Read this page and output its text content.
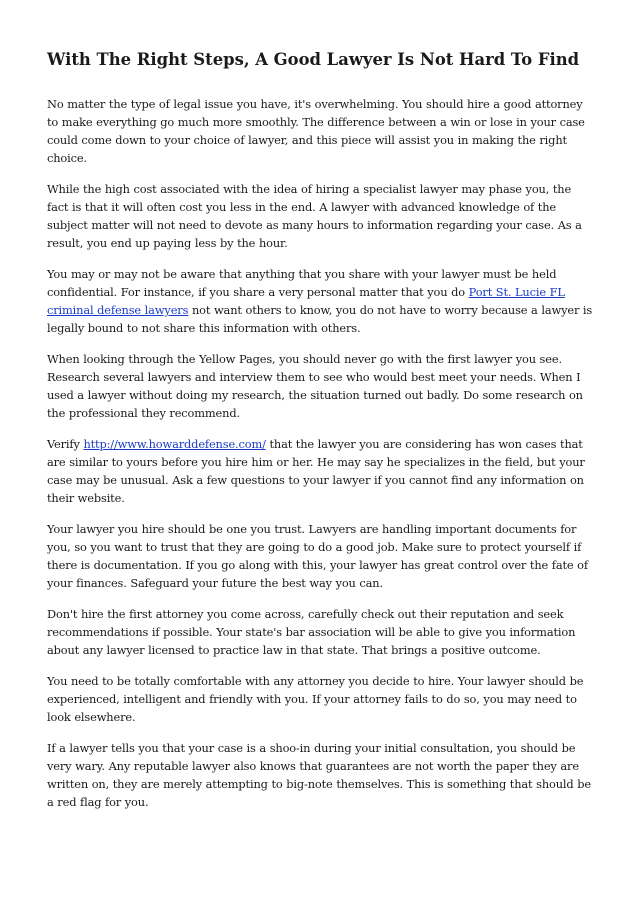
With The Right Steps, A Good Lawyer Is Not Hard To Find

No matter the type of legal issue you have, it's overwhelming. You should hire a good attorney to make everything go much more smoothly. The difference between a win or lose in your case could come down to your choice of lawyer, and this piece will assist you in making the right choice.

While the high cost associated with the idea of hiring a specialist lawyer may phase you, the fact is that it will often cost you less in the end. A lawyer with advanced knowledge of the subject matter will not need to devote as many hours to information regarding your case. As a result, you end up paying less by the hour.

You may or may not be aware that anything that you share with your lawyer must be held confidential. For instance, if you share a very personal matter that you do Port St. Lucie FL criminal defense lawyers not want others to know, you do not have to worry because a lawyer is legally bound to not share this information with others.

When looking through the Yellow Pages, you should never go with the first lawyer you see. Research several lawyers and interview them to see who would best meet your needs. When I used a lawyer without doing my research, the situation turned out badly. Do some research on the professional they recommend.

Verify http://www.howarddefense.com/ that the lawyer you are considering has won cases that are similar to yours before you hire him or her. He may say he specializes in the field, but your case may be unusual. Ask a few questions to your lawyer if you cannot find any information on their website.

Your lawyer you hire should be one you trust. Lawyers are handling important documents for you, so you want to trust that they are going to do a good job. Make sure to protect yourself if there is documentation. If you go along with this, your lawyer has great control over the fate of your finances. Safeguard your future the best way you can.

Don't hire the first attorney you come across, carefully check out their reputation and seek recommendations if possible. Your state's bar association will be able to give you information about any lawyer licensed to practice law in that state. That brings a positive outcome.

You need to be totally comfortable with any attorney you decide to hire. Your lawyer should be experienced, intelligent and friendly with you. If your attorney fails to do so, you may need to look elsewhere.

If a lawyer tells you that your case is a shoo-in during your initial consultation, you should be very wary. Any reputable lawyer also knows that guarantees are not worth the paper they are written on, they are merely attempting to big-note themselves. This is something that should be a red flag for you.
